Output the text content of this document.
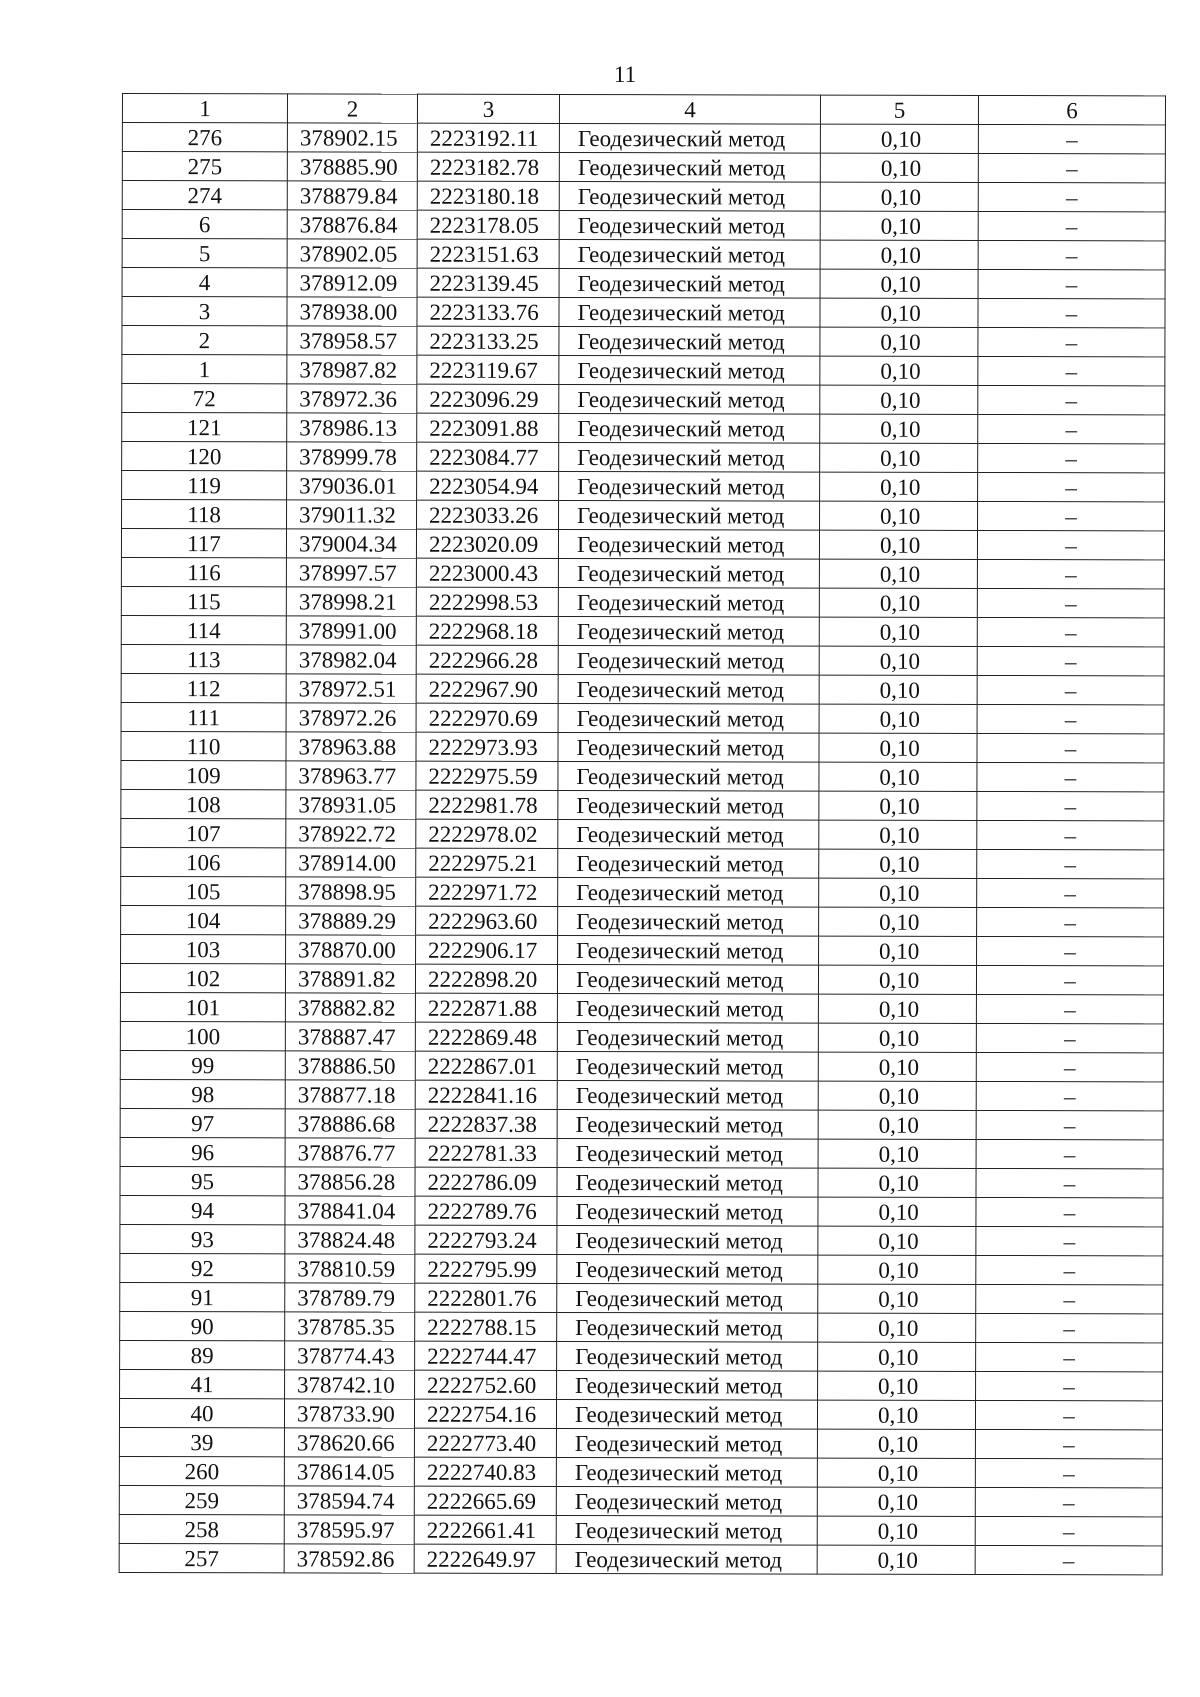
11
1	2	3	4	5	6
276	378902.15	2223192.11	Геодезический метод	0,10	–
275	378885.90	2223182.78	Геодезический метод	0,10	–
274	378879.84	2223180.18	Геодезический метод	0,10	–
6	378876.84	2223178.05	Геодезический метод	0,10	–
5	378902.05	2223151.63	Геодезический метод	0,10	–
4	378912.09	2223139.45	Геодезический метод	0,10	–
3	378938.00	2223133.76	Геодезический метод	0,10	–
2	378958.57	2223133.25	Геодезический метод	0,10	–
1	378987.82	2223119.67	Геодезический метод	0,10	–
72	378972.36	2223096.29	Геодезический метод	0,10	–
121	378986.13	2223091.88	Геодезический метод	0,10	–
120	378999.78	2223084.77	Геодезический метод	0,10	–
119	379036.01	2223054.94	Геодезический метод	0,10	–
118	379011.32	2223033.26	Геодезический метод	0,10	–
117	379004.34	2223020.09	Геодезический метод	0,10	–
116	378997.57	2223000.43	Геодезический метод	0,10	–
115	378998.21	2222998.53	Геодезический метод	0,10	–
114	378991.00	2222968.18	Геодезический метод	0,10	–
113	378982.04	2222966.28	Геодезический метод	0,10	–
112	378972.51	2222967.90	Геодезический метод	0,10	–
111	378972.26	2222970.69	Геодезический метод	0,10	–
110	378963.88	2222973.93	Геодезический метод	0,10	–
109	378963.77	2222975.59	Геодезический метод	0,10	–
108	378931.05	2222981.78	Геодезический метод	0,10	–
107	378922.72	2222978.02	Геодезический метод	0,10	–
106	378914.00	2222975.21	Геодезический метод	0,10	–
105	378898.95	2222971.72	Геодезический метод	0,10	–
104	378889.29	2222963.60	Геодезический метод	0,10	–
103	378870.00	2222906.17	Геодезический метод	0,10	–
102	378891.82	2222898.20	Геодезический метод	0,10	–
101	378882.82	2222871.88	Геодезический метод	0,10	–
100	378887.47	2222869.48	Геодезический метод	0,10	–
99	378886.50	2222867.01	Геодезический метод	0,10	–
98	378877.18	2222841.16	Геодезический метод	0,10	–
97	378886.68	2222837.38	Геодезический метод	0,10	–
96	378876.77	2222781.33	Геодезический метод	0,10	–
95	378856.28	2222786.09	Геодезический метод	0,10	–
94	378841.04	2222789.76	Геодезический метод	0,10	–
93	378824.48	2222793.24	Геодезический метод	0,10	–
92	378810.59	2222795.99	Геодезический метод	0,10	–
91	378789.79	2222801.76	Геодезический метод	0,10	–
90	378785.35	2222788.15	Геодезический метод	0,10	–
89	378774.43	2222744.47	Геодезический метод	0,10	–
41	378742.10	2222752.60	Геодезический метод	0,10	–
40	378733.90	2222754.16	Геодезический метод	0,10	–
39	378620.66	2222773.40	Геодезический метод	0,10	–
260	378614.05	2222740.83	Геодезический метод	0,10	–
259	378594.74	2222665.69	Геодезический метод	0,10	–
258	378595.97	2222661.41	Геодезический метод	0,10	–
257	378592.86	2222649.97	Геодезический метод	0,10	–
